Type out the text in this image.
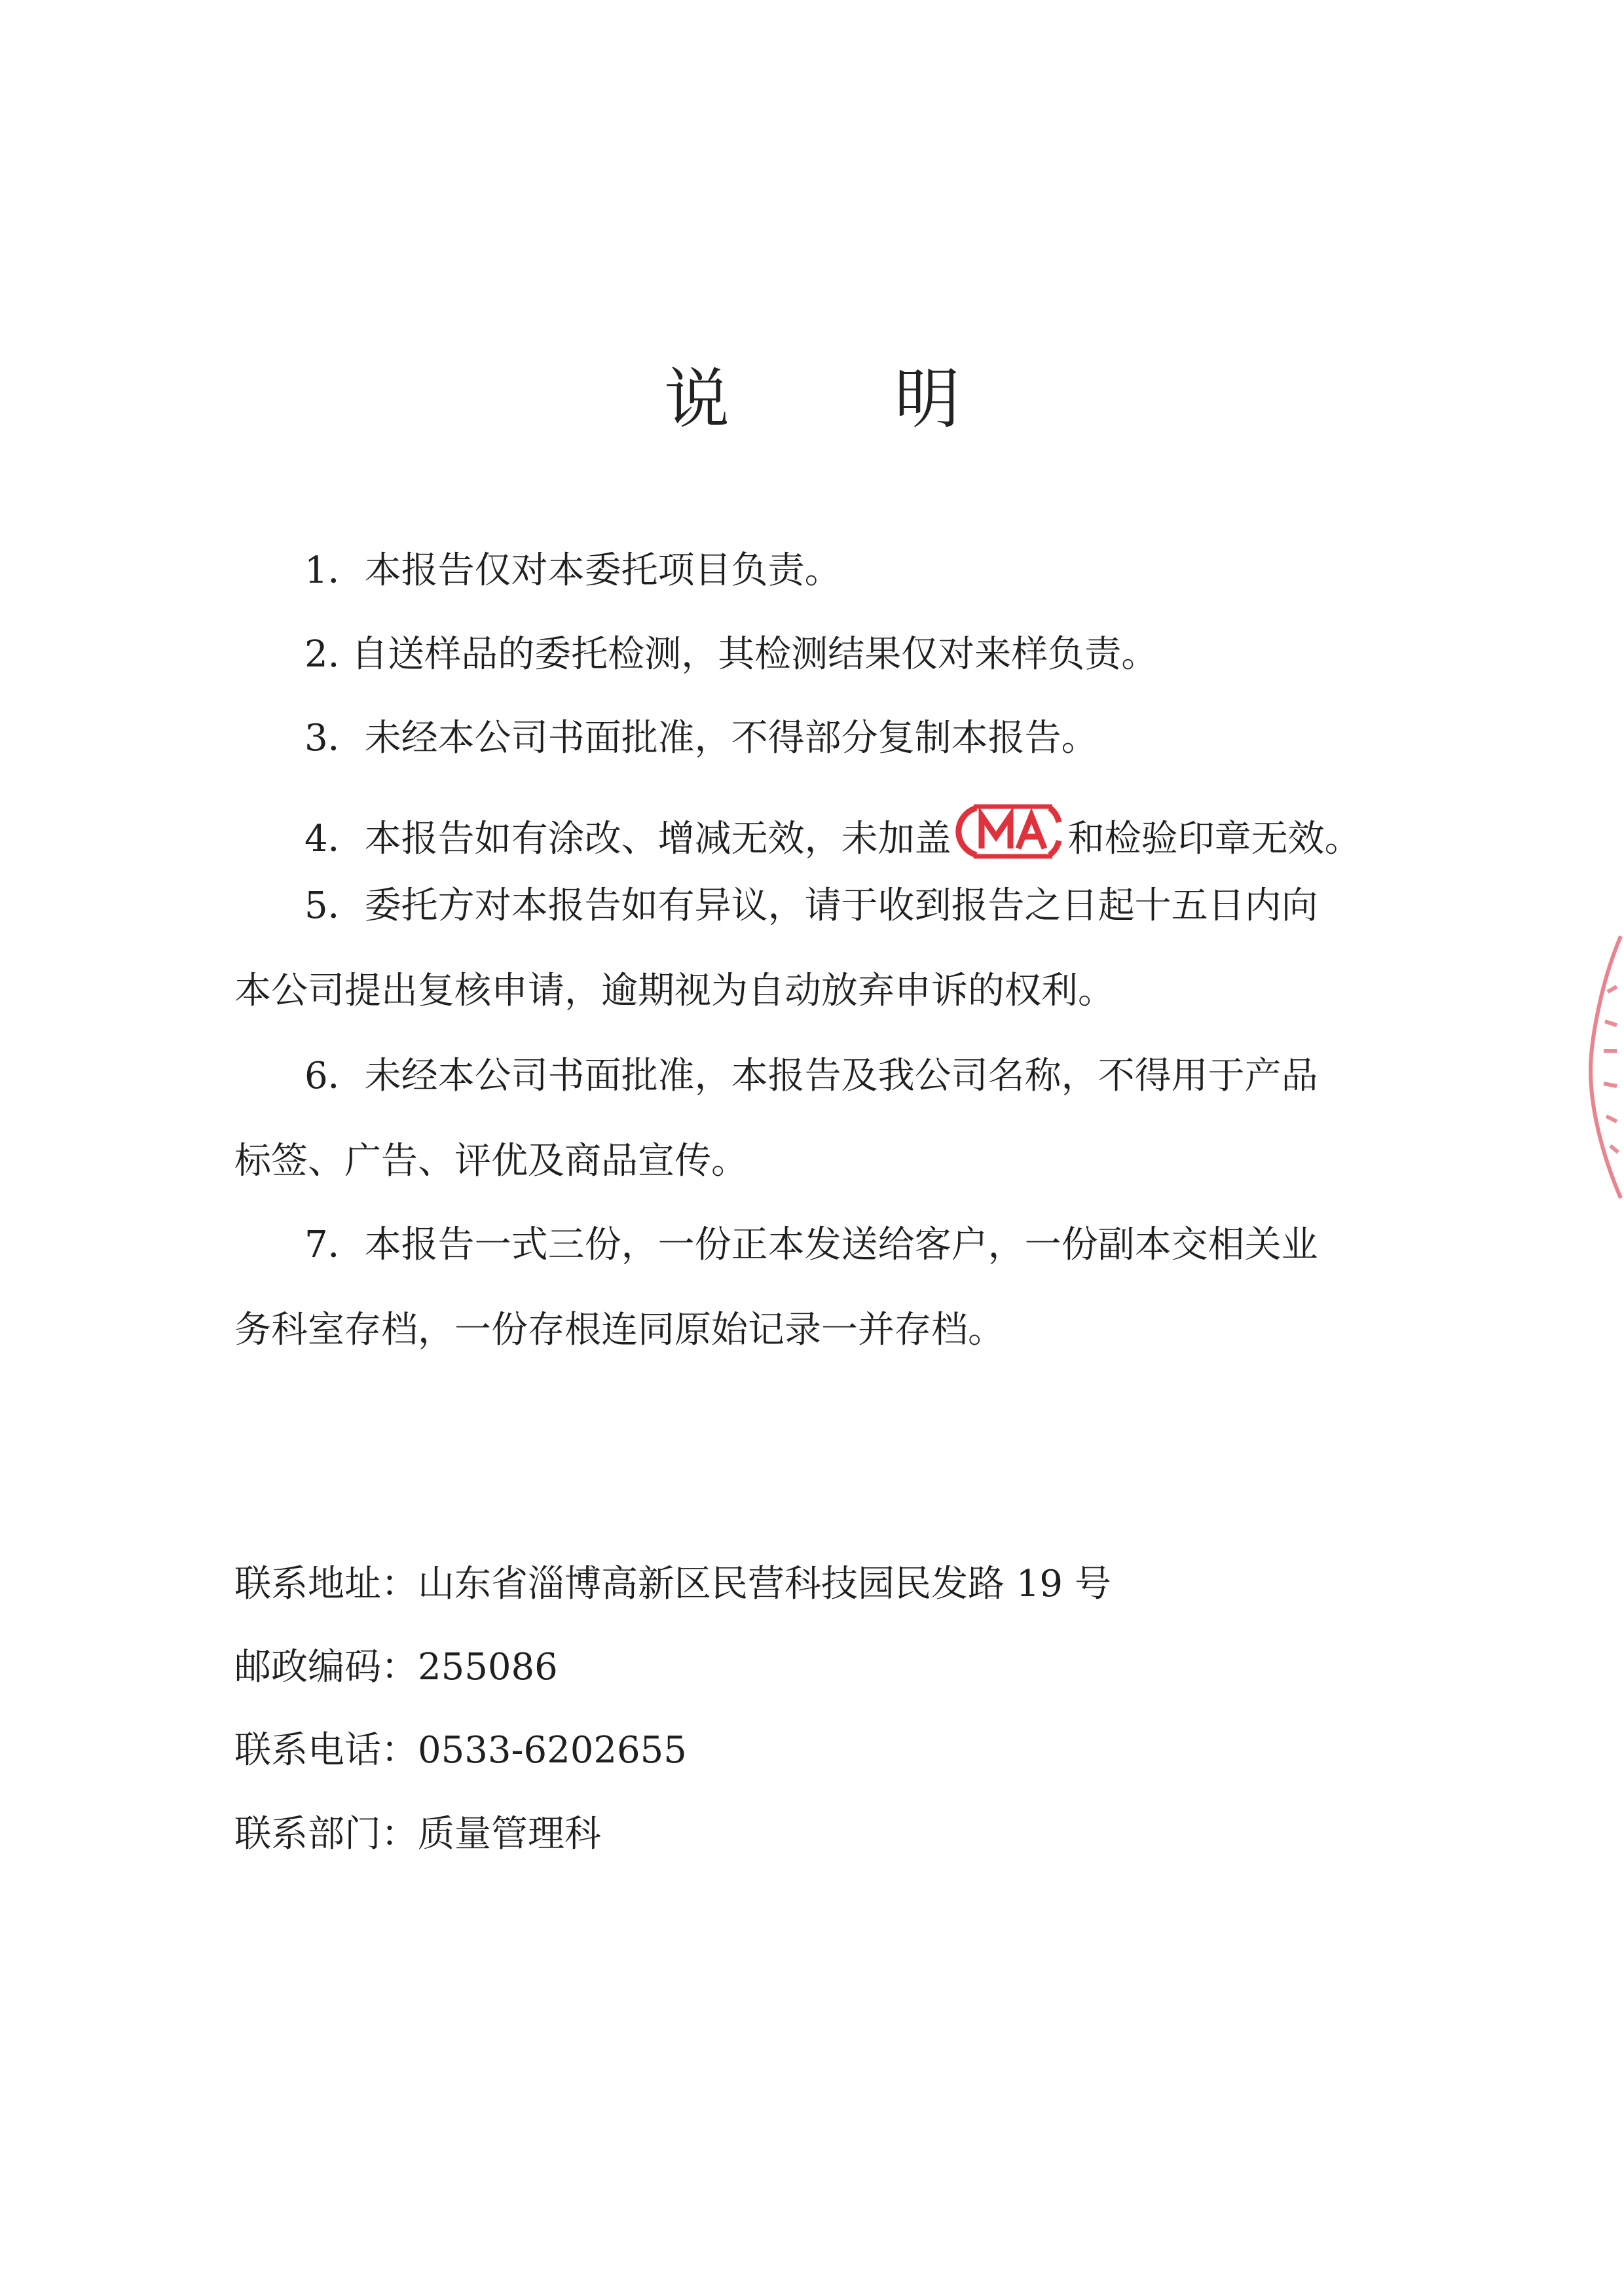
说 明
1．本报告仅对本委托项目负责。
2. 自送样品的委托检测，其检测结果仅对来样负责。
3．未经本公司书面批准，不得部分复制本报告。
4．本报告如有涂改、增减无效，未加盖	和检验印章无效。
5．委托方对本报告如有异议，请于收到报告之日起十五日内向
本公司提出复核申请，逾期视为自动放弃申诉的权利。
6．未经本公司书面批准，本报告及我公司名称，不得用于产品
标签、广告、评优及商品宣传。
7．本报告一式三份，一份正本发送给客户，一份副本交相关业
务科室存档，一份存根连同原始记录一并存档。
联系地址：山东省淄博高新区民营科技园民发路 19 号
邮政编码：255086
联系电话：0533-6202655
联系部门：质量管理科
